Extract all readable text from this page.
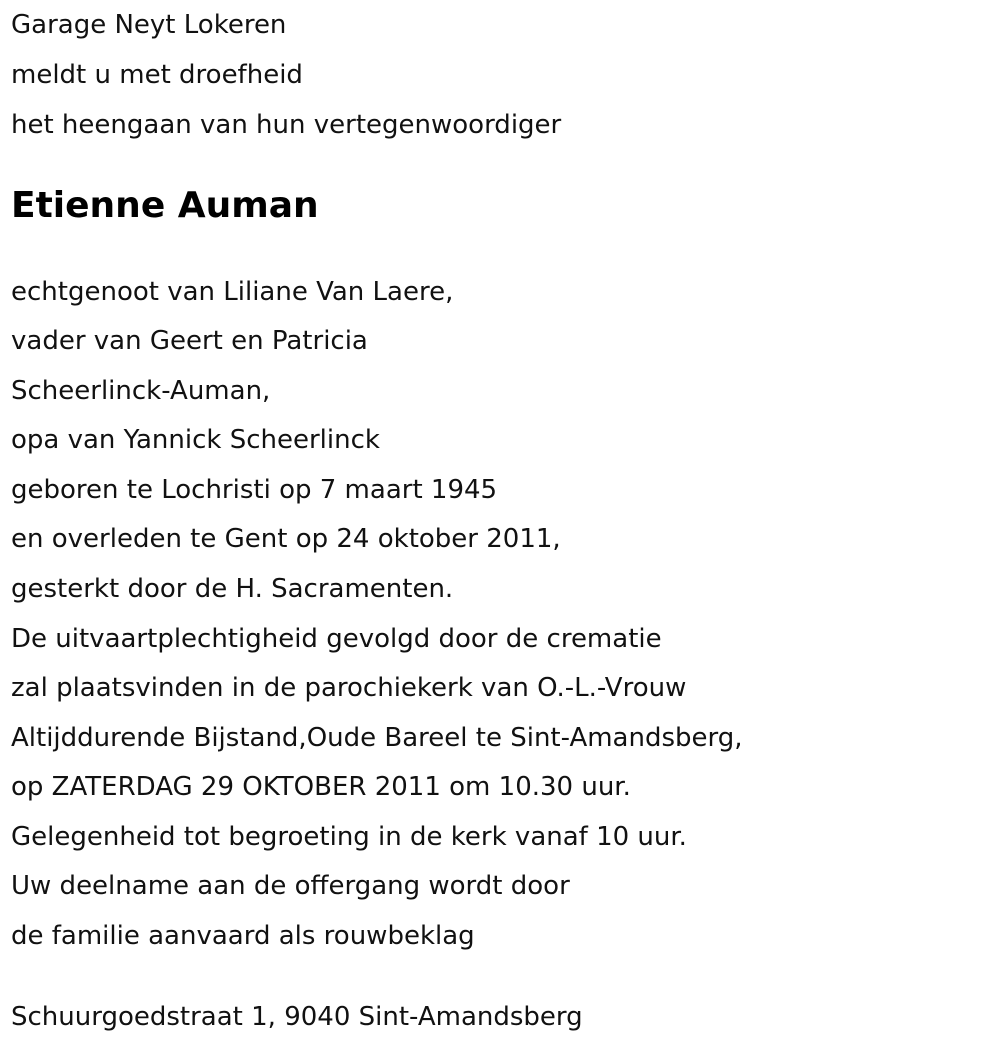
Garage Neyt Lokeren
meldt u met droefheid
het heengaan van hun vertegenwoordiger
Etienne Auman
echtgenoot van Liliane Van Laere,
vader van Geert en Patricia
Scheerlinck-Auman,
opa van Yannick Scheerlinck
geboren te Lochristi op 7 maart 1945
en overleden te Gent op 24 oktober 2011,
gesterkt door de H. Sacramenten.
De uitvaartplechtigheid gevolgd door de crematie
zal plaatsvinden in de parochiekerk van O.-L.-Vrouw
Altijddurende Bijstand,Oude Bareel te Sint-Amandsberg,
op ZATERDAG 29 OKTOBER 2011 om 10.30 uur.
Gelegenheid tot begroeting in de kerk vanaf 10 uur.
Uw deelname aan de offergang wordt door
de familie aanvaard als rouwbeklag
Schuurgoedstraat 1, 9040 Sint-Amandsberg
